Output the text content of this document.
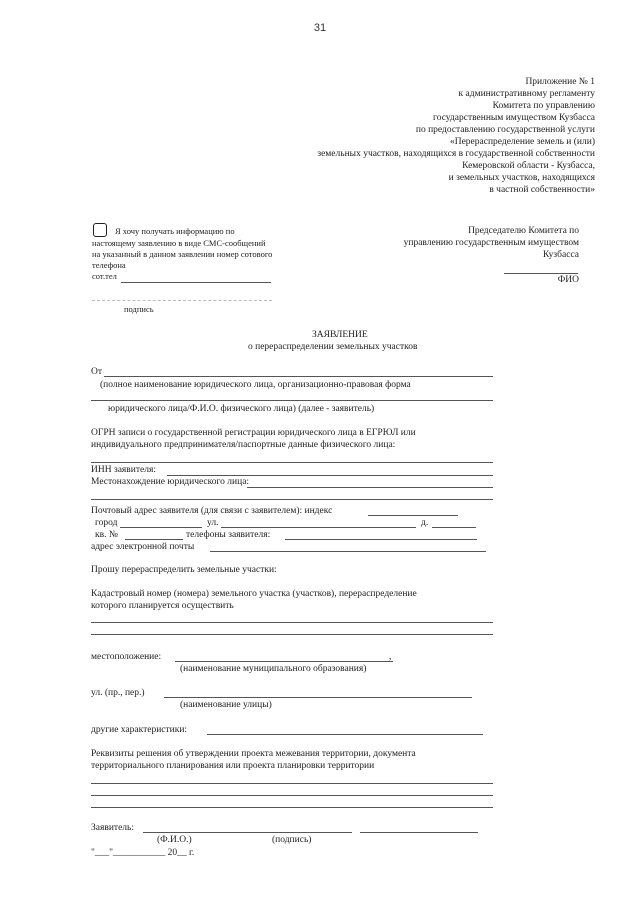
31
Приложение № 1
к административному регламенту
Комитета по управлению
государственным имуществом Кузбасса
по предоставлению государственной услуги
«Перераспределение земель и (или)
земельных участков, находящихся в государственной собственности
Кемеровской области - Кузбасса,
и земельных участков, находящихся
в частной собственности»
Я хочу получать информацию по
настоящему заявлению в виде СМС-сообщений
на указанный в данном заявлении номер сотового
телефона
сот.тел
подпись
Председателю Комитета по
управлению государственным имуществом
Кузбасса
ФИО
ЗАЯВЛЕНИЕ
о перераспределении земельных участков
От
(полное наименование юридического лица, организационно-правовая форма
юридического лица/Ф.И.О. физического лица) (далее - заявитель)
ОГРН записи о государственной регистрации юридического лица в ЕГРЮЛ или
индивидуального предпринимателя/паспортные данные физического лица:
ИНН заявителя:
Местонахождение юридического лица:
Почтовый адрес заявителя (для связи с заявителем): индекс
город	ул.	д.
кв. №	телефоны заявителя:
адрес электронной почты
Прошу перераспределить земельные участки:
Кадастровый номер (номера) земельного участка (участков), перераспределение
которого планируется осуществить
местоположение:	,
(наименование муниципального образования)
ул. (пр., пер.)
(наименование улицы)
другие характеристики:
Реквизиты решения об утверждении проекта межевания территории, документа
территориального планирования или проекта планировки территории
Заявитель:
(Ф.И.О.)	(подпись)
"___"___________ 20__ г.
